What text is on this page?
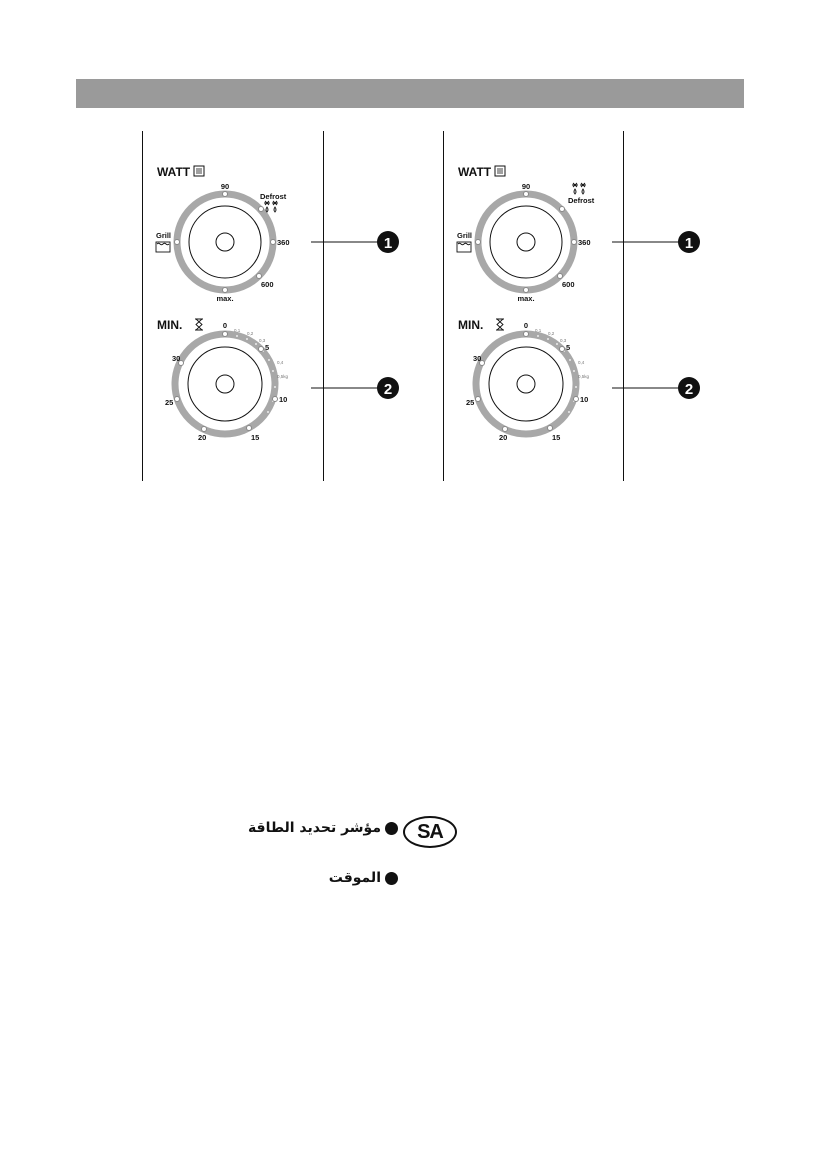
WATT
90
Defrost
360
600
max.
Grill	1
MIN.	0
5
10
15
20
25
30
0,1
0,2
0,3
0,4
0,5kg
2
WATT
90
Defrost
360
600
max.
Grill	1
MIN.	0
5
10
15
20
25
30
0,1
0,2
0,3
0,4
0,5kg
2
SA
مؤشر تحديد الطاقة
الموقت
